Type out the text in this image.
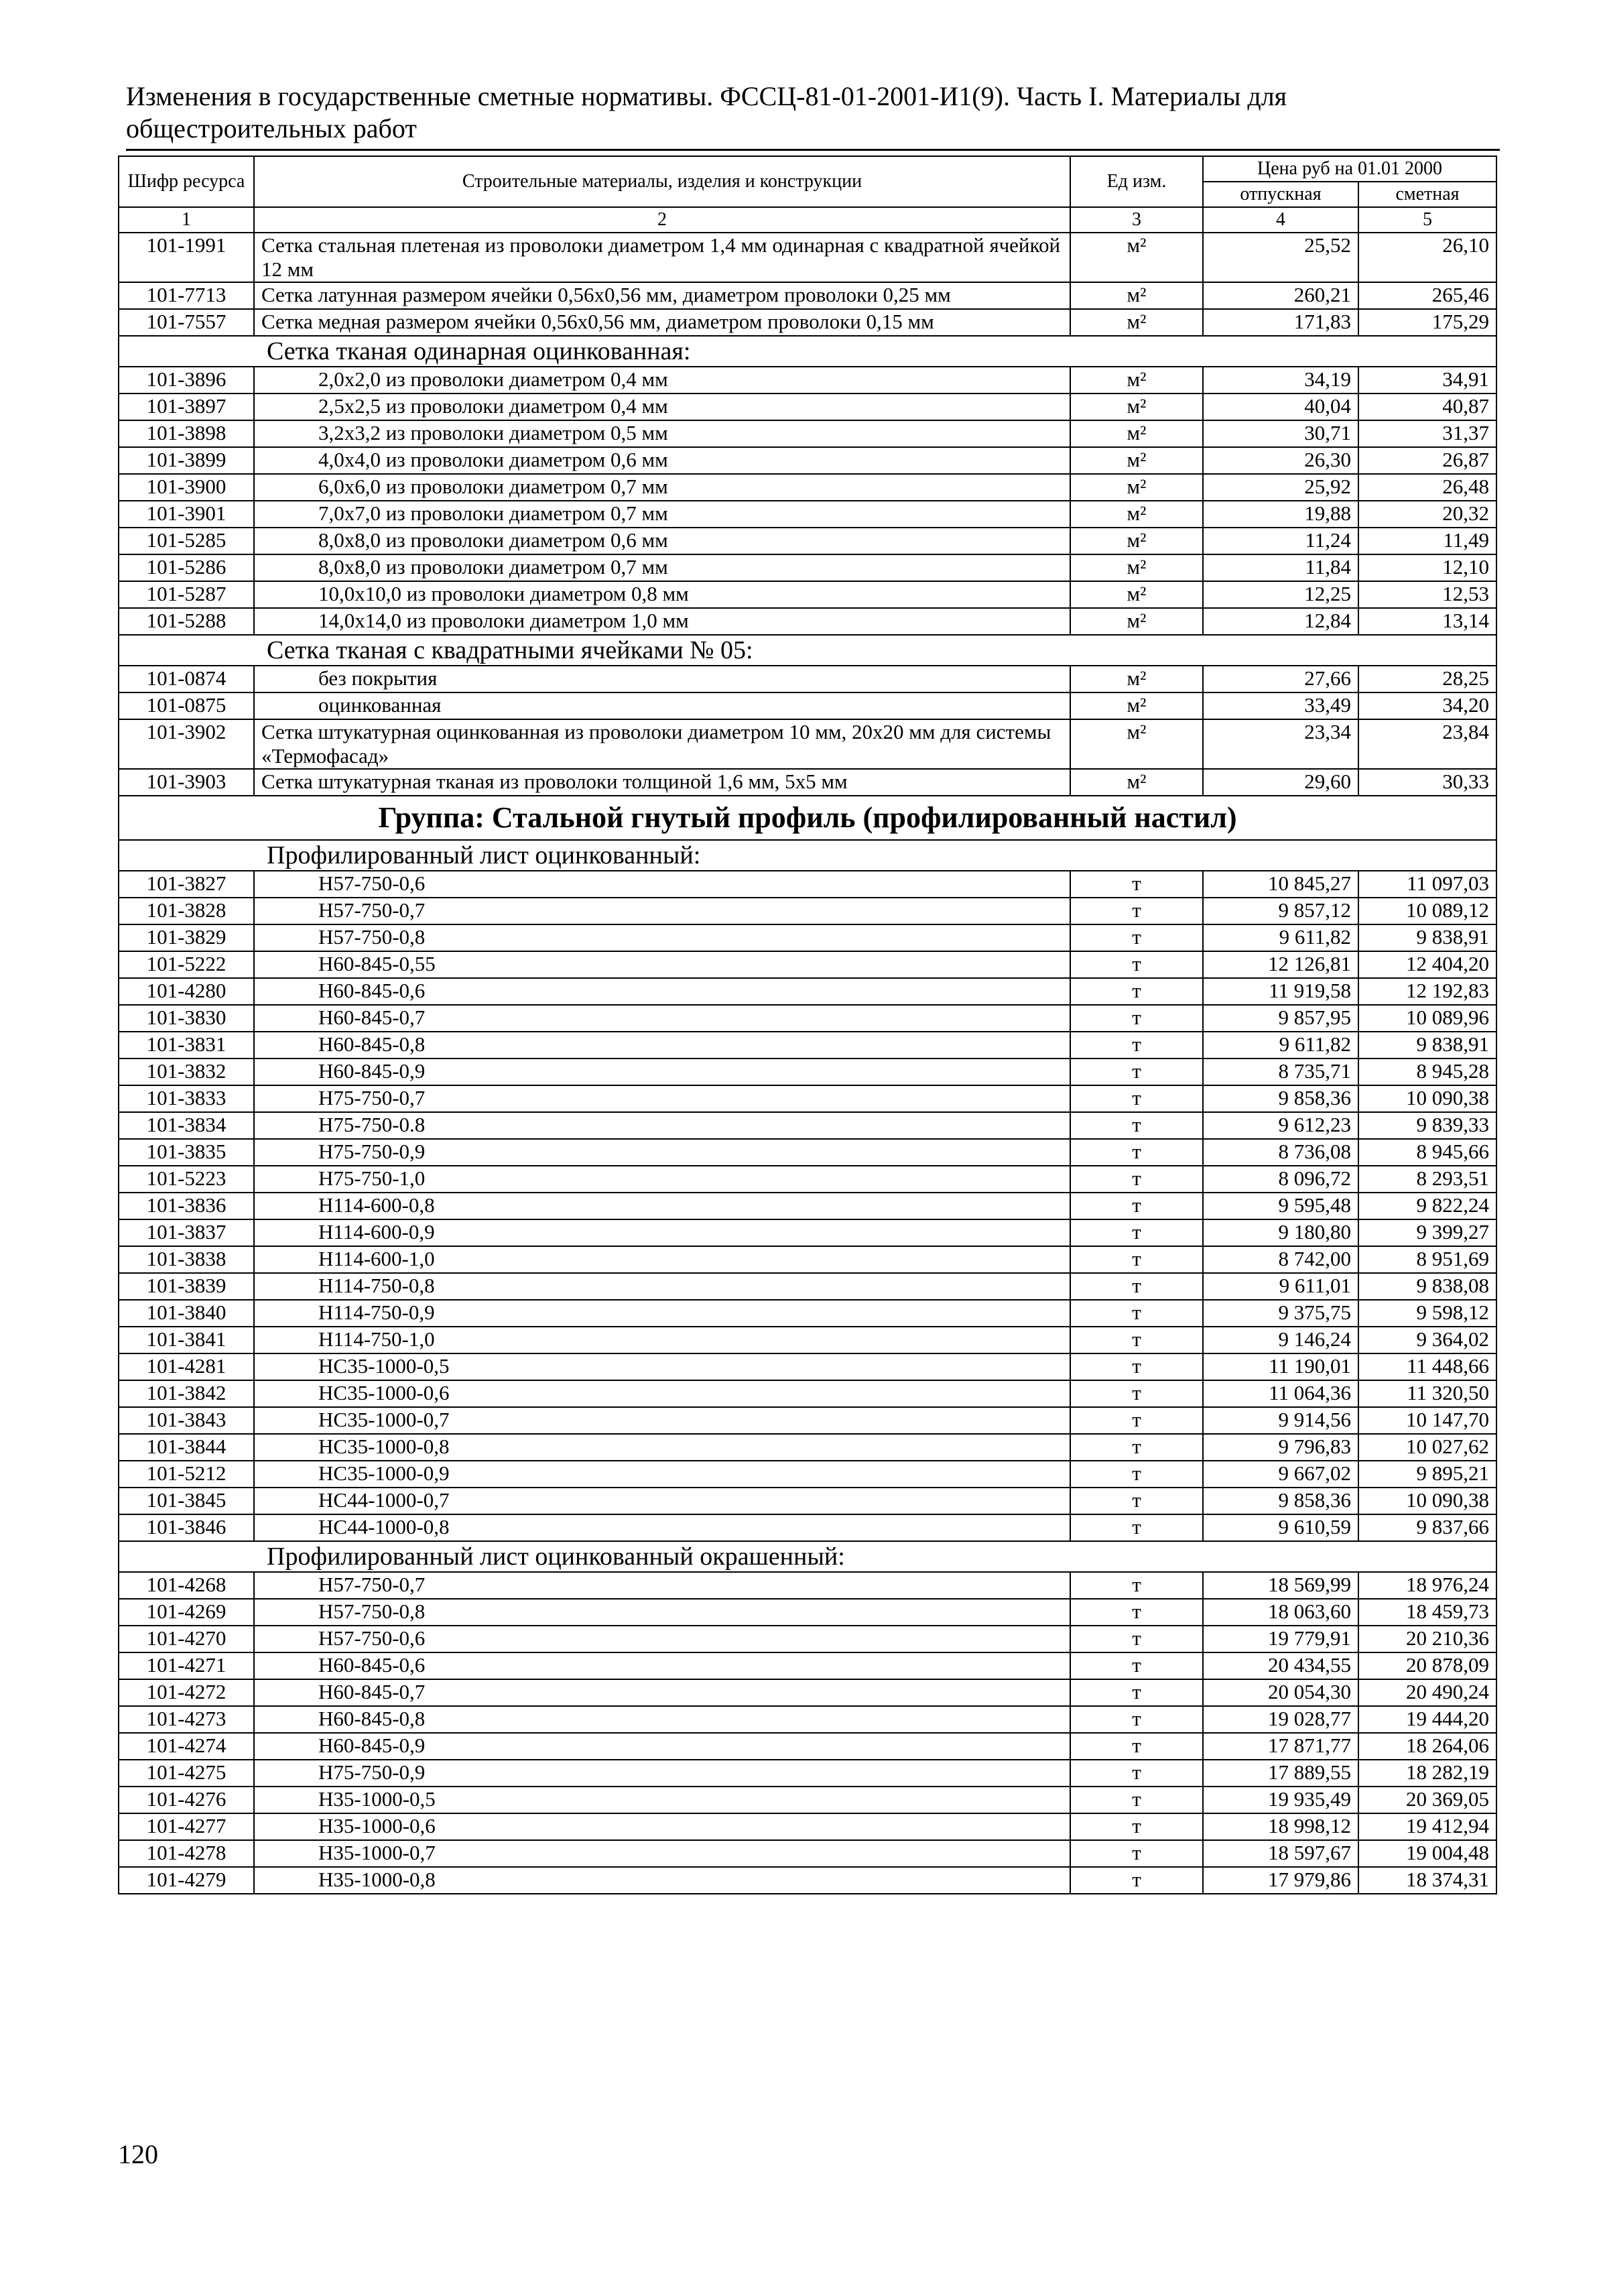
Изменения в государственные сметные нормативы. ФССЦ-81-01-2001-И1(9). Часть I. Материалы для
общестроительных работ
Шифр ресурса	Строительные материалы, изделия и конструкции	Ед изм.	Цена руб на 01.01 2000	
			отпускная	сметная
1	2	3	4	5
101-1991	Сетка стальная плетеная из проволоки диаметром 1,4 мм одинарная с квадратной ячейкой 12 мм	м²	25,52	26,10
101-7713	Сетка латунная размером ячейки 0,56x0,56 мм, диаметром проволоки 0,25 мм	м²	260,21	265,46
101-7557	Сетка медная размером ячейки 0,56x0,56 мм, диаметром проволоки 0,15 мм	м²	171,83	175,29
Сетка тканая одинарная оцинкованная:				
101-3896	2,0x2,0 из проволоки диаметром 0,4 мм	м²	34,19	34,91
101-3897	2,5x2,5 из проволоки диаметром 0,4 мм	м²	40,04	40,87
101-3898	3,2x3,2 из проволоки диаметром 0,5 мм	м²	30,71	31,37
101-3899	4,0x4,0 из проволоки диаметром 0,6 мм	м²	26,30	26,87
101-3900	6,0x6,0 из проволоки диаметром 0,7 мм	м²	25,92	26,48
101-3901	7,0x7,0 из проволоки диаметром 0,7 мм	м²	19,88	20,32
101-5285	8,0x8,0 из проволоки диаметром 0,6 мм	м²	11,24	11,49
101-5286	8,0x8,0 из проволоки диаметром 0,7 мм	м²	11,84	12,10
101-5287	10,0x10,0 из проволоки диаметром 0,8 мм	м²	12,25	12,53
101-5288	14,0x14,0 из проволоки диаметром 1,0 мм	м²	12,84	13,14
Сетка тканая с квадратными ячейками № 05:				
101-0874	без покрытия	м²	27,66	28,25
101-0875	оцинкованная	м²	33,49	34,20
101-3902	Сетка штукатурная оцинкованная из проволоки диаметром 10 мм, 20x20 мм для системы «Термофасад»	м²	23,34	23,84
101-3903	Сетка штукатурная тканая из проволоки толщиной 1,6 мм, 5x5 мм	м²	29,60	30,33
Группа: Стальной гнутый профиль (профилированный настил)				
Профилированный лист оцинкованный:				
101-3827	Н57-750-0,6	т	10 845,27	11 097,03
101-3828	Н57-750-0,7	т	9 857,12	10 089,12
101-3829	Н57-750-0,8	т	9 611,82	9 838,91
101-5222	Н60-845-0,55	т	12 126,81	12 404,20
101-4280	Н60-845-0,6	т	11 919,58	12 192,83
101-3830	Н60-845-0,7	т	9 857,95	10 089,96
101-3831	Н60-845-0,8	т	9 611,82	9 838,91
101-3832	Н60-845-0,9	т	8 735,71	8 945,28
101-3833	Н75-750-0,7	т	9 858,36	10 090,38
101-3834	Н75-750-0.8	т	9 612,23	9 839,33
101-3835	Н75-750-0,9	т	8 736,08	8 945,66
101-5223	Н75-750-1,0	т	8 096,72	8 293,51
101-3836	Н114-600-0,8	т	9 595,48	9 822,24
101-3837	Н114-600-0,9	т	9 180,80	9 399,27
101-3838	Н114-600-1,0	т	8 742,00	8 951,69
101-3839	Н114-750-0,8	т	9 611,01	9 838,08
101-3840	Н114-750-0,9	т	9 375,75	9 598,12
101-3841	Н114-750-1,0	т	9 146,24	9 364,02
101-4281	НС35-1000-0,5	т	11 190,01	11 448,66
101-3842	НС35-1000-0,6	т	11 064,36	11 320,50
101-3843	НС35-1000-0,7	т	9 914,56	10 147,70
101-3844	НС35-1000-0,8	т	9 796,83	10 027,62
101-5212	НС35-1000-0,9	т	9 667,02	9 895,21
101-3845	НС44-1000-0,7	т	9 858,36	10 090,38
101-3846	НС44-1000-0,8	т	9 610,59	9 837,66
Профилированный лист оцинкованный окрашенный:				
101-4268	Н57-750-0,7	т	18 569,99	18 976,24
101-4269	Н57-750-0,8	т	18 063,60	18 459,73
101-4270	Н57-750-0,6	т	19 779,91	20 210,36
101-4271	Н60-845-0,6	т	20 434,55	20 878,09
101-4272	Н60-845-0,7	т	20 054,30	20 490,24
101-4273	Н60-845-0,8	т	19 028,77	19 444,20
101-4274	Н60-845-0,9	т	17 871,77	18 264,06
101-4275	Н75-750-0,9	т	17 889,55	18 282,19
101-4276	Н35-1000-0,5	т	19 935,49	20 369,05
101-4277	Н35-1000-0,6	т	18 998,12	19 412,94
101-4278	Н35-1000-0,7	т	18 597,67	19 004,48
101-4279	Н35-1000-0,8	т	17 979,86	18 374,31
120
